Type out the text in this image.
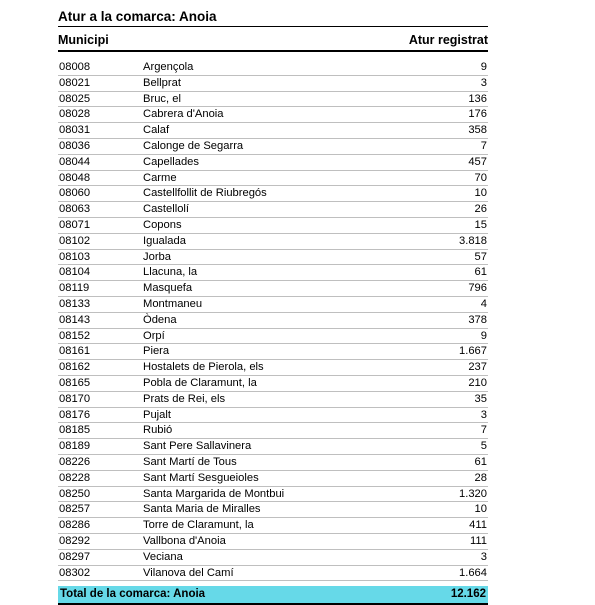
Atur a la comarca: Anoia
Municipi	Atur registrat
08008	Argençola	9
08021	Bellprat	3
08025	Bruc, el	136
08028	Cabrera d'Anoia	176
08031	Calaf	358
08036	Calonge de Segarra	7
08044	Capellades	457
08048	Carme	70
08060	Castellfollit de Riubregós	10
08063	Castellolí	26
08071	Copons	15
08102	Igualada	3.818
08103	Jorba	57
08104	Llacuna, la	61
08119	Masquefa	796
08133	Montmaneu	4
08143	Òdena	378
08152	Orpí	9
08161	Piera	1.667
08162	Hostalets de Pierola, els	237
08165	Pobla de Claramunt, la	210
08170	Prats de Rei, els	35
08176	Pujalt	3
08185	Rubió	7
08189	Sant Pere Sallavinera	5
08226	Sant Martí de Tous	61
08228	Sant Martí Sesgueioles	28
08250	Santa Margarida de Montbui	1.320
08257	Santa Maria de Miralles	10
08286	Torre de Claramunt, la	411
08292	Vallbona d'Anoia	111
08297	Veciana	3
08302	Vilanova del Camí	1.664
Total de la comarca: Anoia	12.162
